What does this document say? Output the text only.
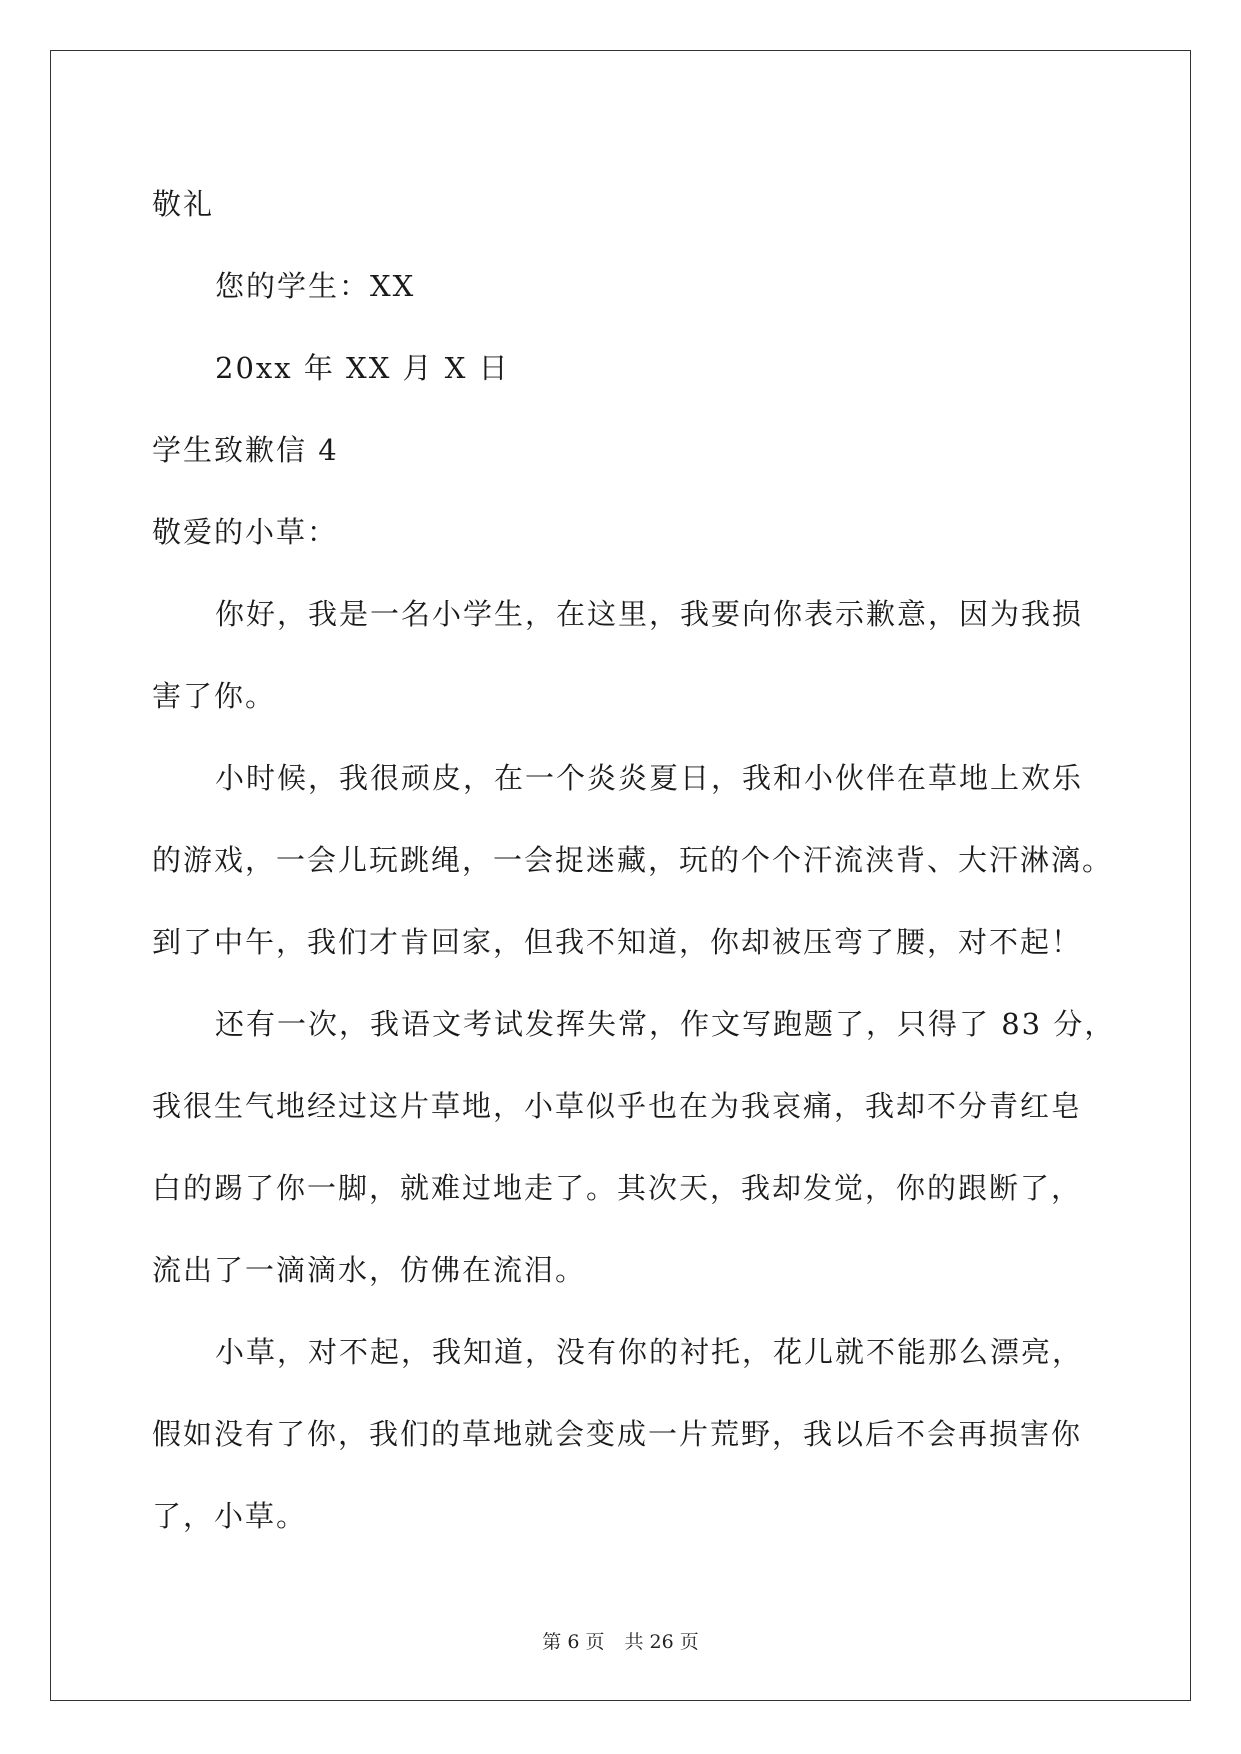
敬礼
您的学生：XX
20xx 年 XX 月 X 日
学生致歉信 4
敬爱的小草：
你好，我是一名小学生，在这里，我要向你表示歉意，因为我损
害了你。
小时候，我很顽皮，在一个炎炎夏日，我和小伙伴在草地上欢乐
的游戏，一会儿玩跳绳，一会捉迷藏，玩的个个汗流浃背、大汗淋漓。
到了中午，我们才肯回家，但我不知道，你却被压弯了腰，对不起！
还有一次，我语文考试发挥失常，作文写跑题了，只得了 83 分，
我很生气地经过这片草地，小草似乎也在为我哀痛，我却不分青红皂
白的踢了你一脚，就难过地走了。其次天，我却发觉，你的跟断了，
流出了一滴滴水，仿佛在流泪。
小草，对不起，我知道，没有你的衬托，花儿就不能那么漂亮，
假如没有了你，我们的草地就会变成一片荒野，我以后不会再损害你
了，小草。
第 6 页 共 26 页
